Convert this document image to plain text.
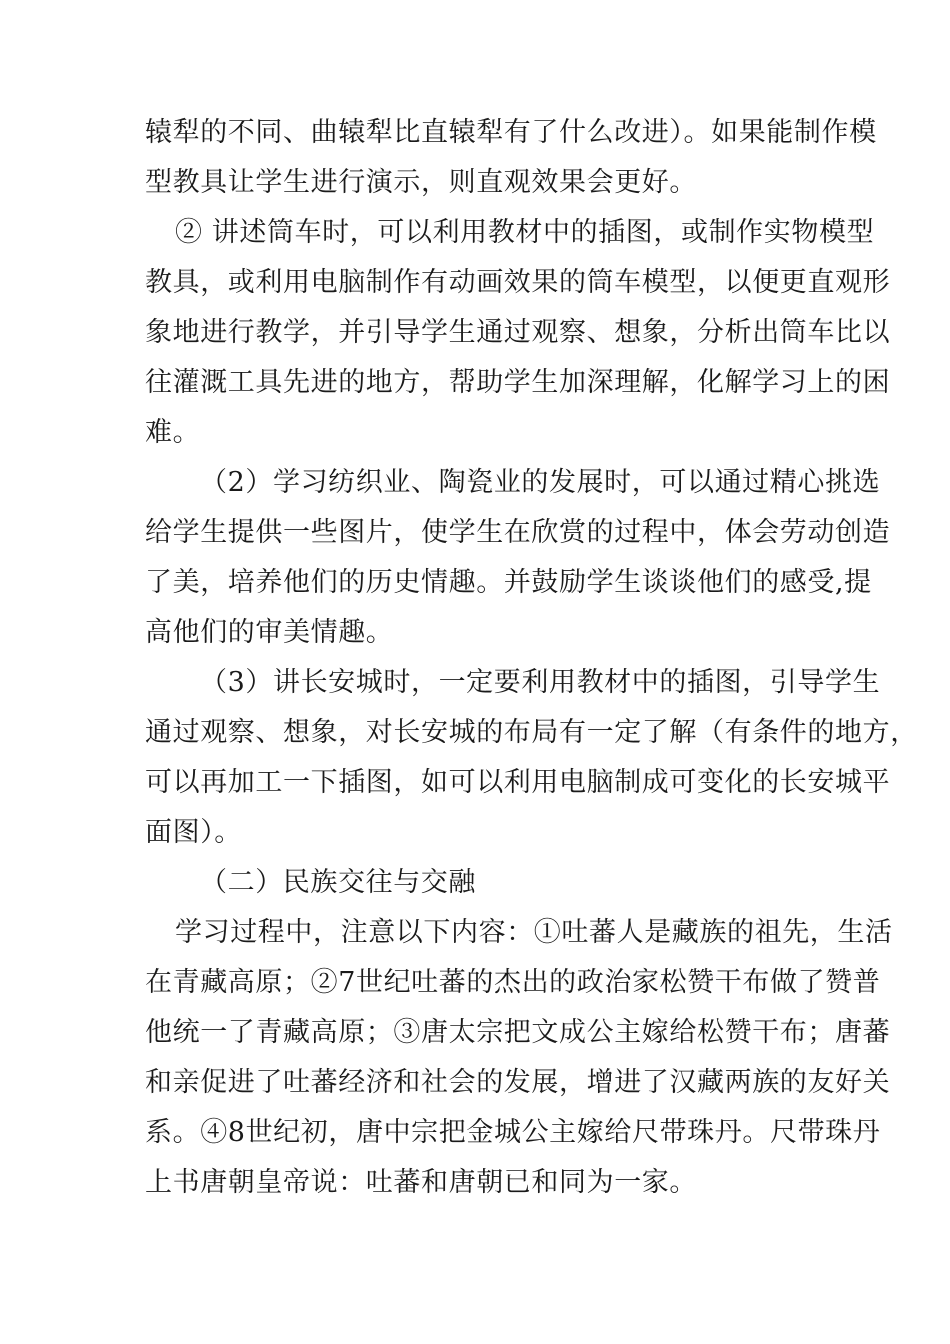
辕犁的不同、曲辕犁比直辕犁有了什么改进）。如果能制作模
型教具让学生进行演示，则直观效果会更好。
② 讲述筒车时，可以利用教材中的插图，或制作实物模型
教具，或利用电脑制作有动画效果的筒车模型，以便更直观形
象地进行教学，并引导学生通过观察、想象，分析出筒车比以
往灌溉工具先进的地方，帮助学生加深理解，化解学习上的困
难。
（2）学习纺织业、陶瓷业的发展时，可以通过精心挑选
给学生提供一些图片，使学生在欣赏的过程中，体会劳动创造
了美，培养他们的历史情趣。并鼓励学生谈谈他们的感受,提
高他们的审美情趣。
（3）讲长安城时，一定要利用教材中的插图，引导学生
通过观察、想象，对长安城的布局有一定了解（有条件的地方，
可以再加工一下插图，如可以利用电脑制成可变化的长安城平
面图）。
（二）民族交往与交融
学习过程中，注意以下内容：①吐蕃人是藏族的祖先，生活
在青藏高原；②7世纪吐蕃的杰出的政治家松赞干布做了赞普
他统一了青藏高原；③唐太宗把文成公主嫁给松赞干布；唐蕃
和亲促进了吐蕃经济和社会的发展，增进了汉藏两族的友好关
系。④8世纪初，唐中宗把金城公主嫁给尺带珠丹。尺带珠丹
上书唐朝皇帝说：吐蕃和唐朝已和同为一家。
